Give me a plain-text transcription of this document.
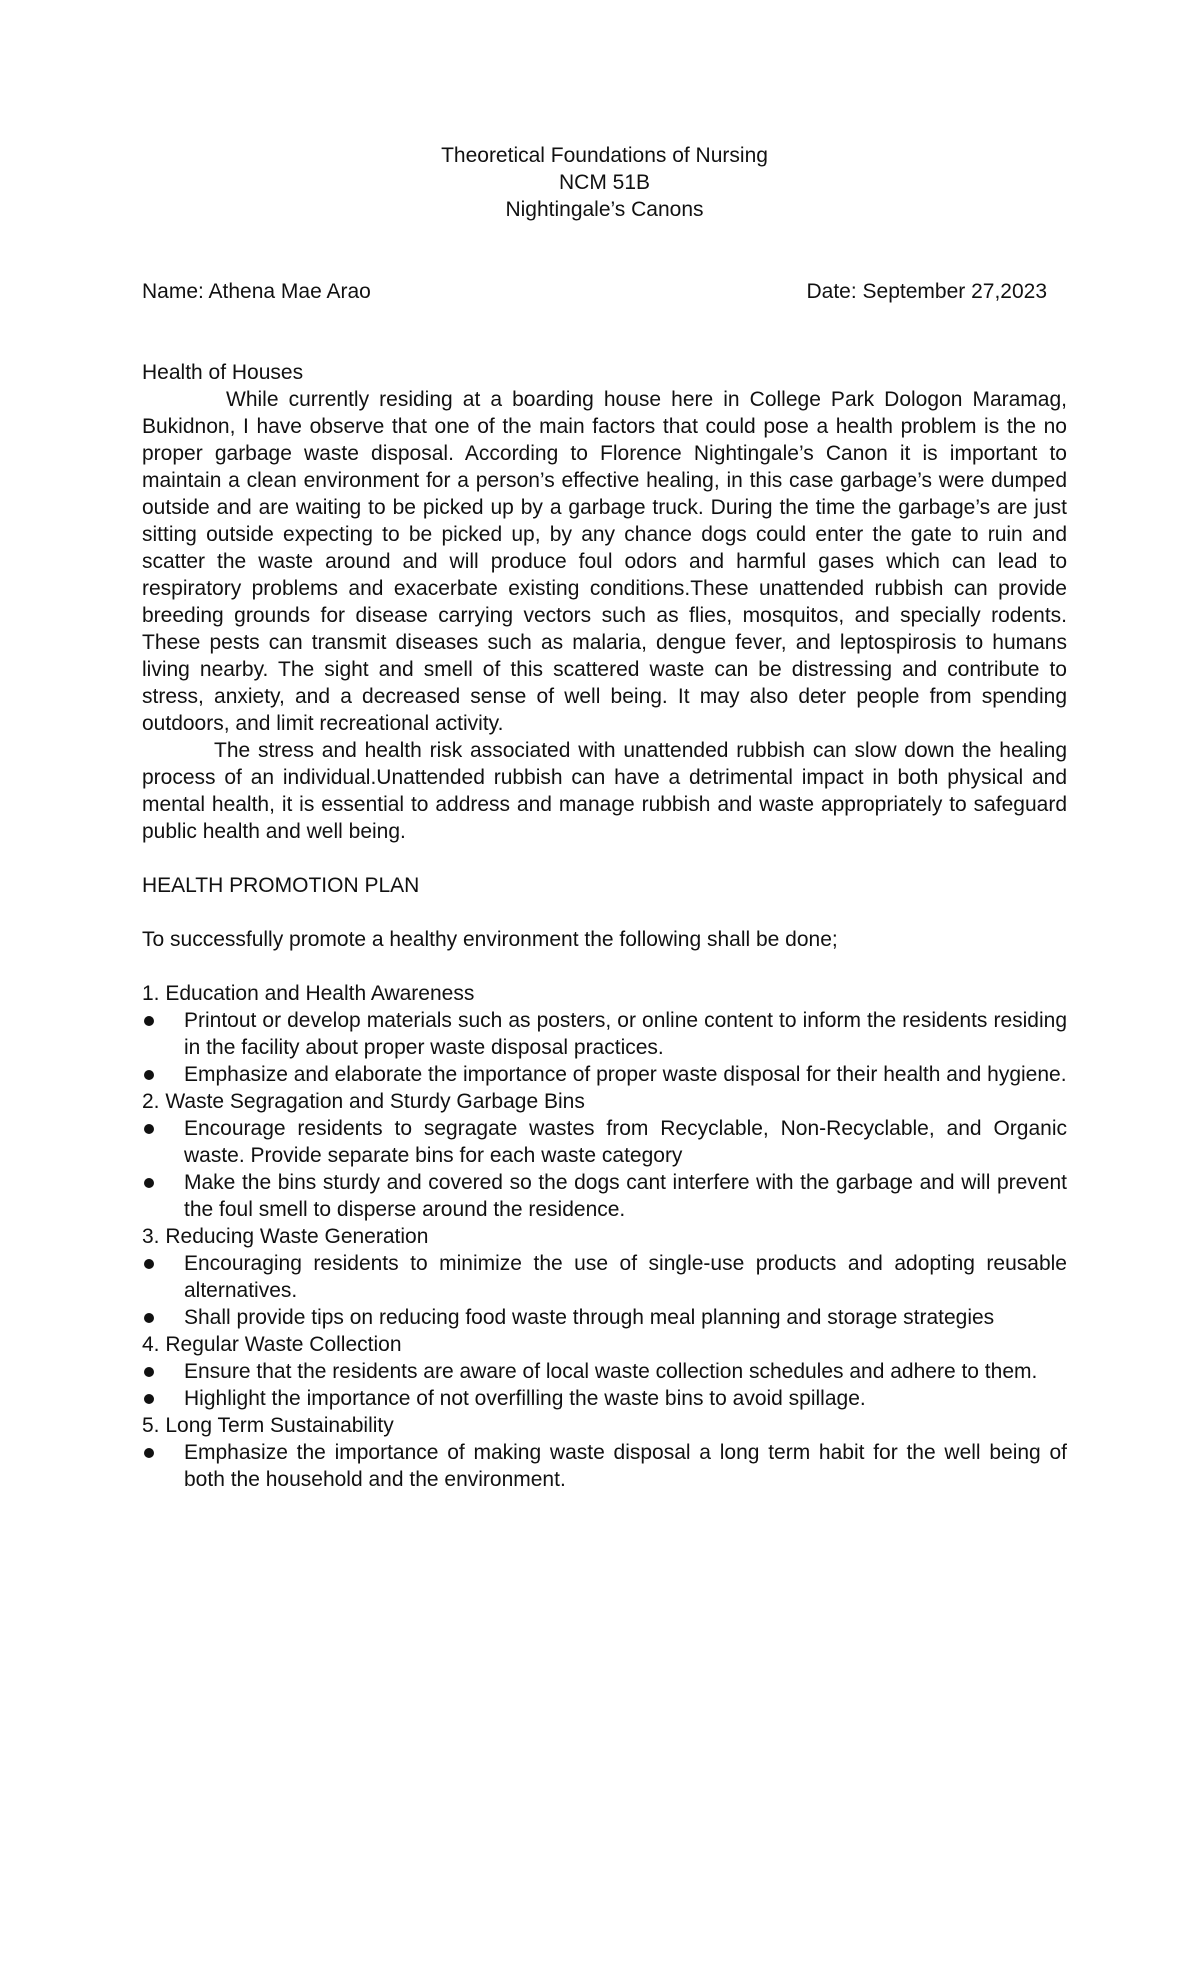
Theoretical Foundations of Nursing
NCM 51B
Nightingale’s Canons
Name: Athena Mae Arao	Date: September 27,2023
Health of Houses

While currently residing at a boarding house here in College Park Dologon Maramag, Bukidnon, I have observe that one of the main factors that could pose a health problem is the no proper garbage waste disposal. According to Florence Nightingale’s Canon it is important to maintain a clean environment for a person’s effective healing, in this case garbage’s were dumped outside and are waiting to be picked up by a garbage truck. During the time the garbage’s are just sitting outside expecting to be picked up, by any chance dogs could enter the gate to ruin and scatter the waste around and will produce foul odors and harmful gases which can lead to respiratory problems and exacerbate existing conditions.These unattended rubbish can provide breeding grounds for disease carrying vectors such as flies, mosquitos, and specially rodents. These pests can transmit diseases such as malaria, dengue fever, and leptospirosis to humans living nearby. The sight and smell of this scattered waste can be distressing and contribute to stress, anxiety, and a decreased sense of well being. It may also deter people from spending outdoors, and limit recreational activity.

The stress and health risk associated with unattended rubbish can slow down the healing process of an individual.Unattended rubbish can have a detrimental impact in both physical and mental health, it is essential to address and manage rubbish and waste appropriately to safeguard public health and well being.

HEALTH PROMOTION PLAN
To successfully promote a healthy environment the following shall be done;
1. Education and Health Awareness
Printout or develop materials such as posters, or online content to inform the residents residing in the facility about proper waste disposal practices.
Emphasize and elaborate the importance of proper waste disposal for their health and hygiene.
2. Waste Segragation and Sturdy Garbage Bins
Encourage residents to segragate wastes from Recyclable, Non-Recyclable, and Organic waste. Provide separate bins for each waste category
Make the bins sturdy and covered so the dogs cant interfere with the garbage and will prevent the foul smell to disperse around the residence.
3. Reducing Waste Generation
Encouraging residents to minimize the use of single-use products and adopting reusable alternatives.
Shall provide tips on reducing food waste through meal planning and storage strategies
4. Regular Waste Collection
Ensure that the residents are aware of local waste collection schedules and adhere to them.
Highlight the importance of not overfilling the waste bins to avoid spillage.
5. Long Term Sustainability
Emphasize the importance of making waste disposal a long term habit for the well being of both the household and the environment.
